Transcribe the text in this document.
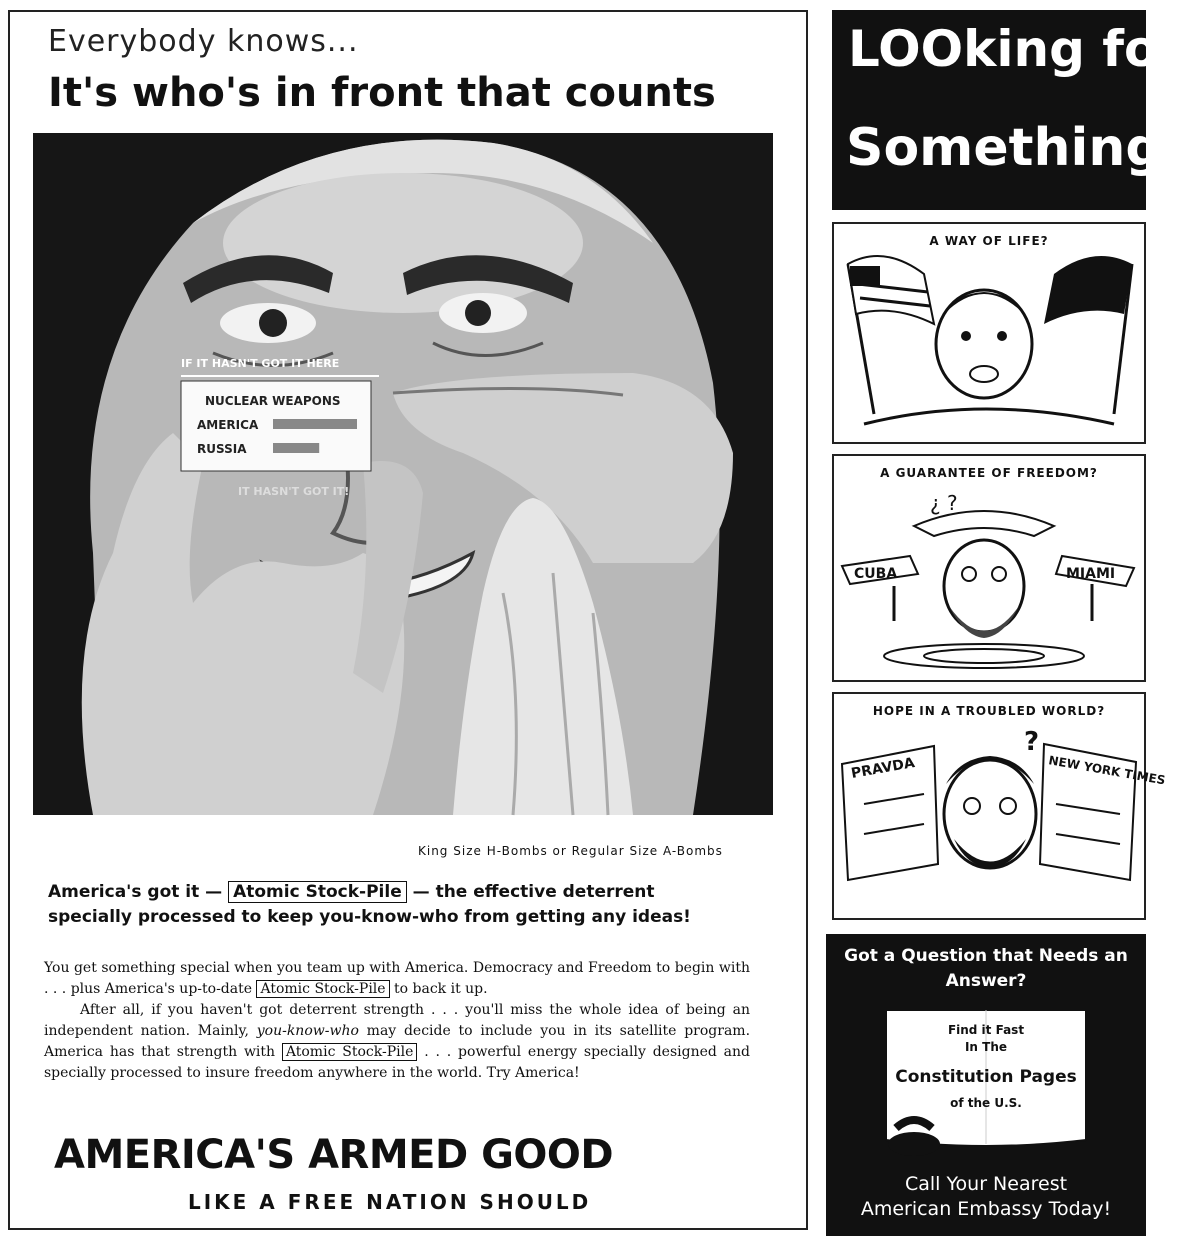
Everybody knows...
It's who's in front that counts
IF IT HASN'T GOT IT HERE
NUCLEAR WEAPONS
AMERICA
RUSSIA
IT HASN'T GOT IT!
King Size H-Bombs or Regular Size A-Bombs
America's got it — Atomic Stock-Pile — the effective deterrent
specially processed to keep you-know-who from getting any ideas!

You get something special when you team up with America. Democracy and Freedom to begin with . . . plus America's up-to-date Atomic Stock-Pile to back it up.

After all, if you haven't got deterrent strength . . . you'll miss the whole idea of being an independent nation. Mainly, you-know-who may decide to include you in its satellite program. America has that strength with Atomic Stock-Pile . . . powerful energy specially designed and specially processed to insure freedom anywhere in the world. Try America!

AMERICA'S ARMED GOOD
LIKE A FREE NATION SHOULD
LOOking for
Something?
A WAY OF LIFE?
A GUARANTEE OF FREEDOM?
CUBA	MIAMI
¿ ?
HOPE IN A TROUBLED WORLD?
PRAVDA	NEW YORK TIMES
?
Got a Question that Needs an Answer?
Find it Fast
In The
Constitution Pages
of the U.S.
Call Your Nearest
American Embassy Today!
